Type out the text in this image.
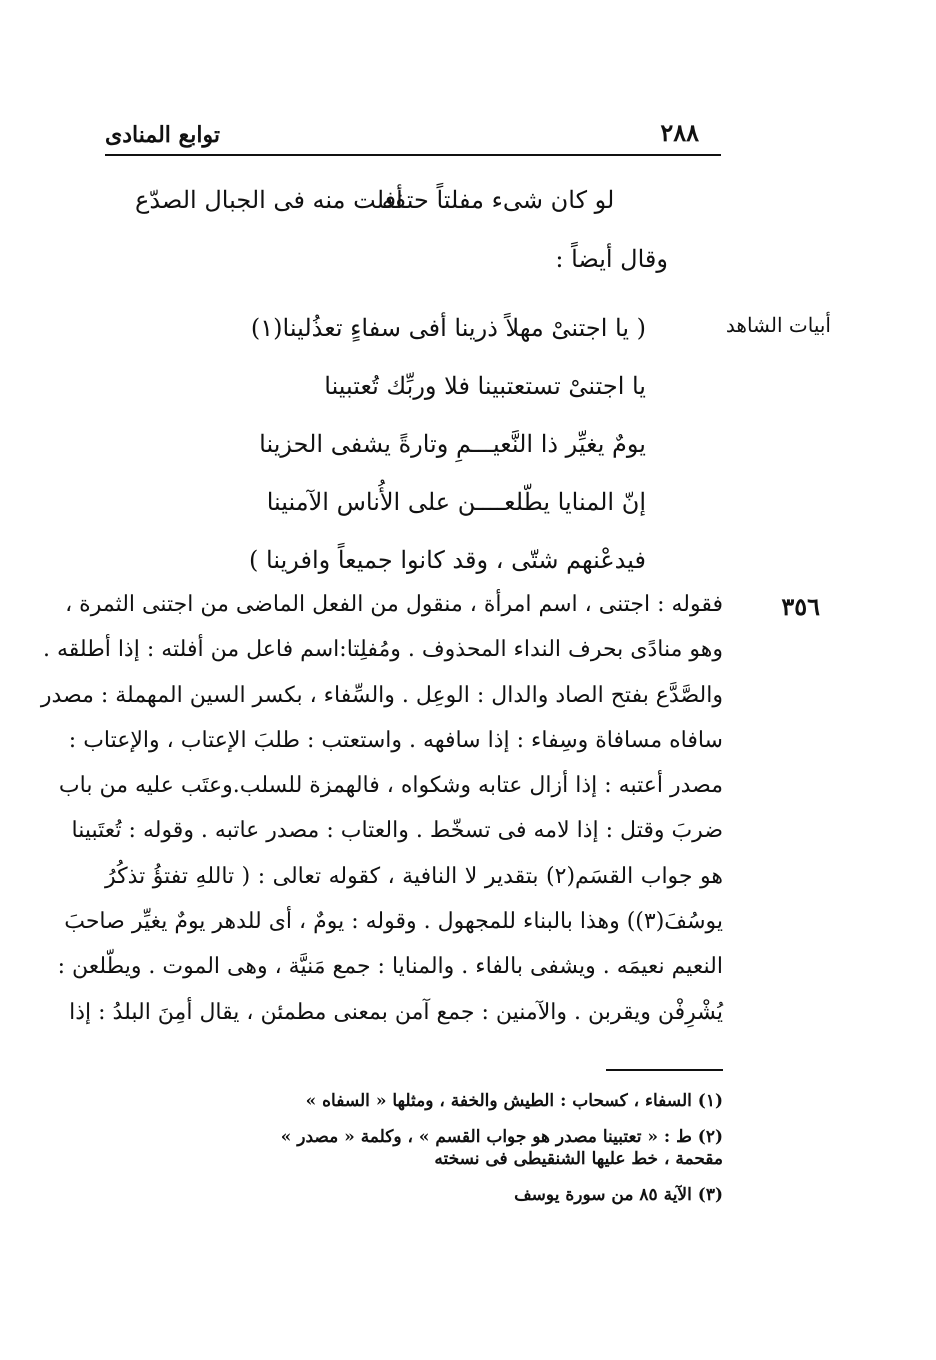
٢٨٨
توابع المنادى
لو كان شىء مفلتاً حتفه
أفلت منه فى الجبال الصدّع
وقال أيضاً :
أبيات الشاهد
( يا اجتنىْ مهلاً ذرينا أفى سفاءٍ تعذُلينا(١)
يا اجتنىْ تستعتبينا فلا وربِّك تُعتبينا
يومٌ يغيِّر ذا النَّعيـــمِ وتارةً يشفى الحزينا
إنّ المنايا يطّلعــــن على الأُناس الآمنينا
فيدعْنهم شتّى ، وقد كانوا جميعاً وافرينا )
٣٥٦
فقوله : اجتنى ، اسم امرأة ، منقول من الفعل الماضى من اجتنى الثمرة ،
وهو منادًى بحرف النداء المحذوف . ومُفلِتا:اسم فاعل من أفلته : إذا أطلقه .
والصَّدَّع بفتح الصاد والدال : الوعِل . والسِّفاء ، بكسر السين المهملة : مصدر
سافاه مسافاة وسِفاء : إذا سافهه . واستعتب : طلبَ الإعتاب ، والإعتاب :
مصدر أعتبه : إذا أزال عتابه وشكواه ، فالهمزة للسلب.وعتَب عليه من باب
ضربَ وقتل : إذا لامه فى تسخّط . والعتاب : مصدر عاتبه . وقوله : تُعتَبينا
هو جواب القسَم(٢) بتقدير لا النافية ، كقوله تعالى : ( تاللهِ تفتؤُ تذكُرُ
يوسُفَ(٣)) وهذا بالبناء للمجهول . وقوله : يومٌ ، أى للدهر يومٌ يغيِّر صاحبَ
النعيم نعيمَه . ويشفى بالفاء . والمنايا : جمع مَنيَّة ، وهى الموت . ويطّلعن :
يُشْرِفْن ويقربن . والآمنين : جمع آمن بمعنى مطمئن ، يقال أمِنَ البلدُ : إذا
(١) السفاء ، كسحاب : الطيش والخفة ، ومثلها « السفاه »
(٢) ط : « تعتبينا مصدر هو جواب القسم » ، وكلمة « مصدر »
مقحمة ، خط عليها الشنقيطى فى نسخته
(٣) الآية ٨٥ من سورة يوسف
